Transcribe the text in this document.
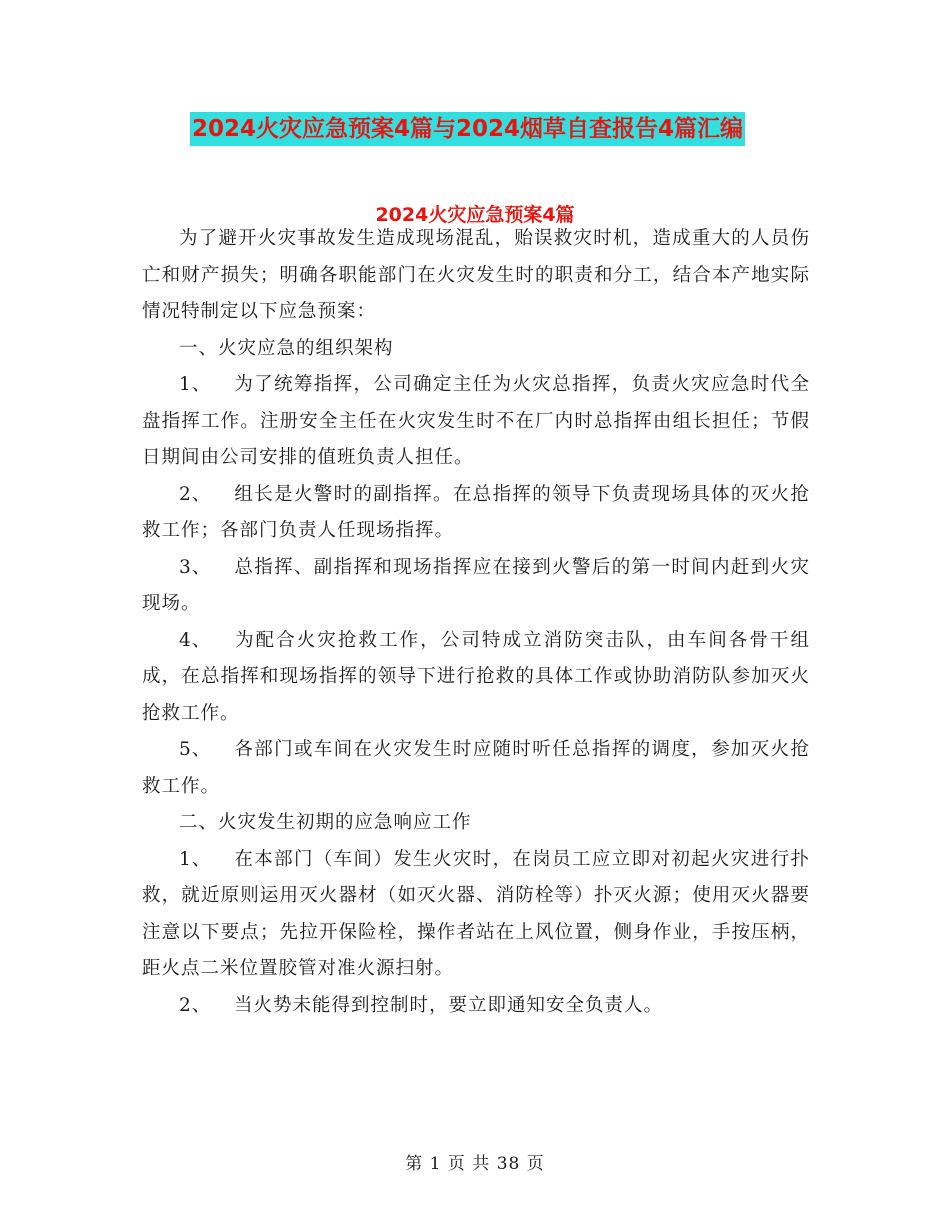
2024火灾应急预案4篇与2024烟草自查报告4篇汇编
2024火灾应急预案4篇

为了避开火灾事故发生造成现场混乱，贻误救灾时机，造成重大的人员伤亡和财产损失；明确各职能部门在火灾发生时的职责和分工，结合本产地实际情况特制定以下应急预案：

一、火灾应急的组织架构

1、 为了统筹指挥，公司确定主任为火灾总指挥，负责火灾应急时代全盘指挥工作。注册安全主任在火灾发生时不在厂内时总指挥由组长担任；节假日期间由公司安排的值班负责人担任。

2、 组长是火警时的副指挥。在总指挥的领导下负责现场具体的灭火抢救工作；各部门负责人任现场指挥。

3、 总指挥、副指挥和现场指挥应在接到火警后的第一时间内赶到火灾现场。

4、 为配合火灾抢救工作，公司特成立消防突击队，由车间各骨干组成，在总指挥和现场指挥的领导下进行抢救的具体工作或协助消防队参加灭火抢救工作。

5、 各部门或车间在火灾发生时应随时听任总指挥的调度，参加灭火抢救工作。

二、火灾发生初期的应急响应工作

1、 在本部门（车间）发生火灾时，在岗员工应立即对初起火灾进行扑救，就近原则运用灭火器材（如灭火器、消防栓等）扑灭火源；使用灭火器要注意以下要点；先拉开保险栓，操作者站在上风位置，侧身作业，手按压柄，距火点二米位置胶管对准火源扫射。

2、 当火势未能得到控制时，要立即通知安全负责人。

第 1 页 共 38 页
